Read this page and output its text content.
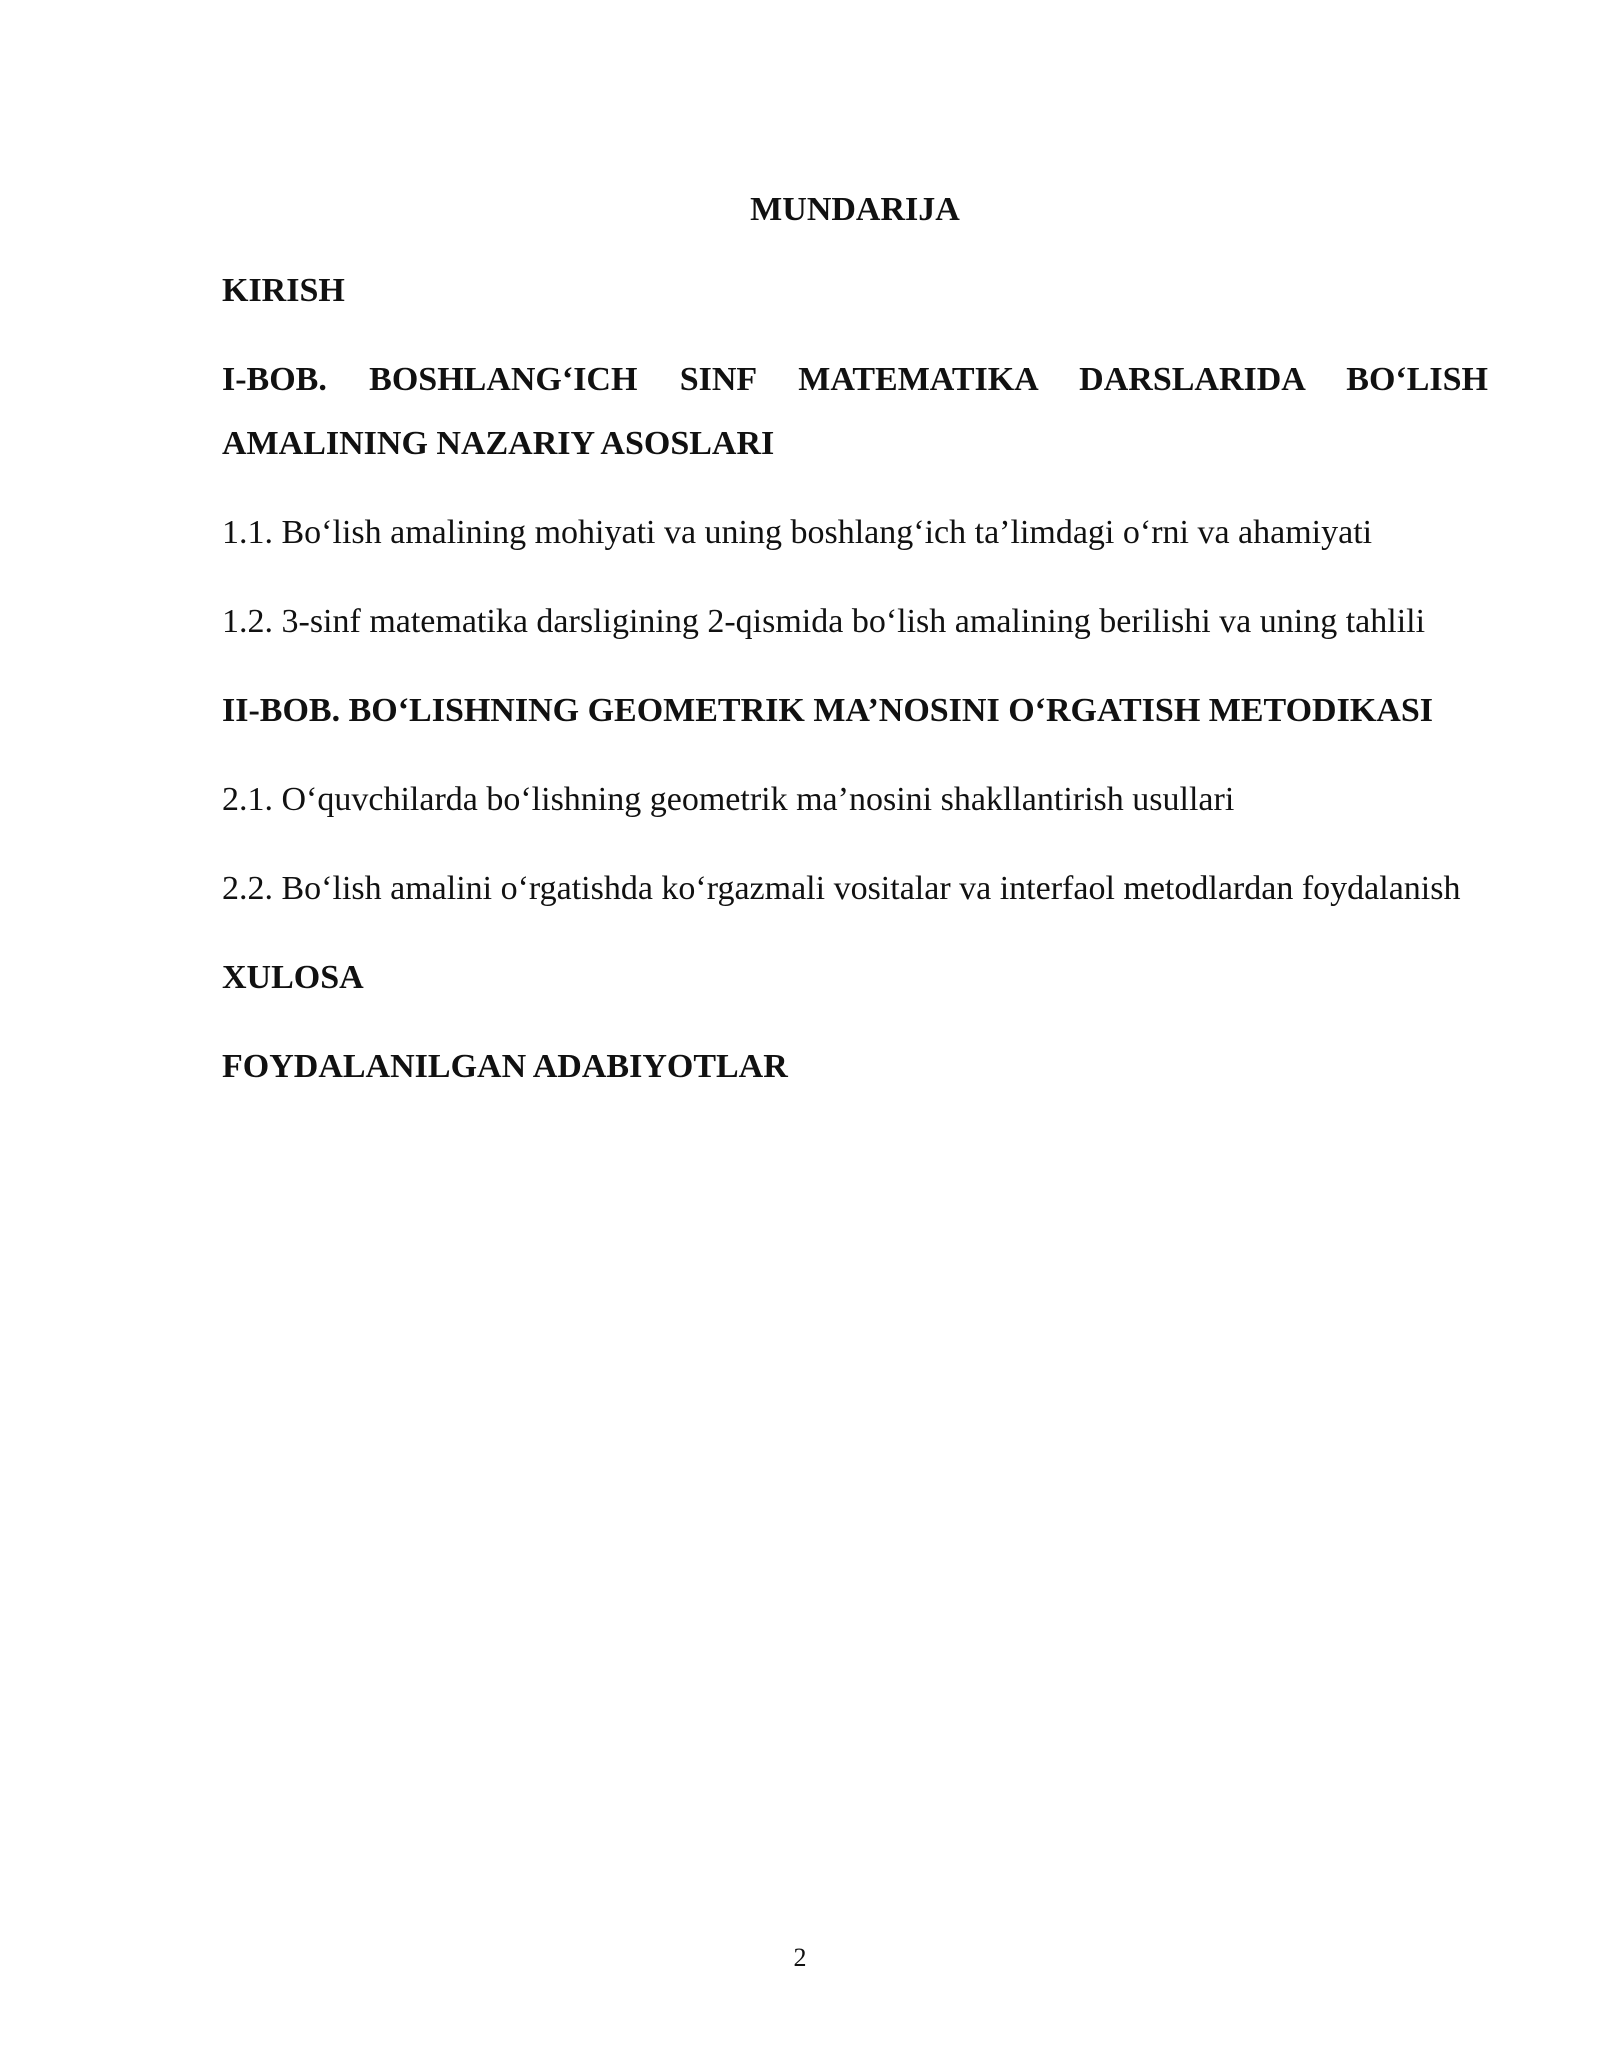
MUNDARIJA
KIRISH
I-BOB. BOSHLANG‘ICH SINF MATEMATIKA DARSLARIDA BO‘LISH AMALINING NAZARIY ASOSLARI
1.1. Bo‘lish amalining mohiyati va uning boshlang‘ich ta’limdagi o‘rni va ahamiyati
1.2. 3-sinf matematika darsligining 2-qismida bo‘lish amalining berilishi va uning tahlili
II-BOB. BO‘LISHNING GEOMETRIK MA’NOSINI O‘RGATISH METODIKASI
2.1. O‘quvchilarda bo‘lishning geometrik ma’nosini shakllantirish usullari
2.2. Bo‘lish amalini o‘rgatishda ko‘rgazmali vositalar va interfaol metodlardan foydalanish
XULOSA
FOYDALANILGAN ADABIYOTLAR
2
